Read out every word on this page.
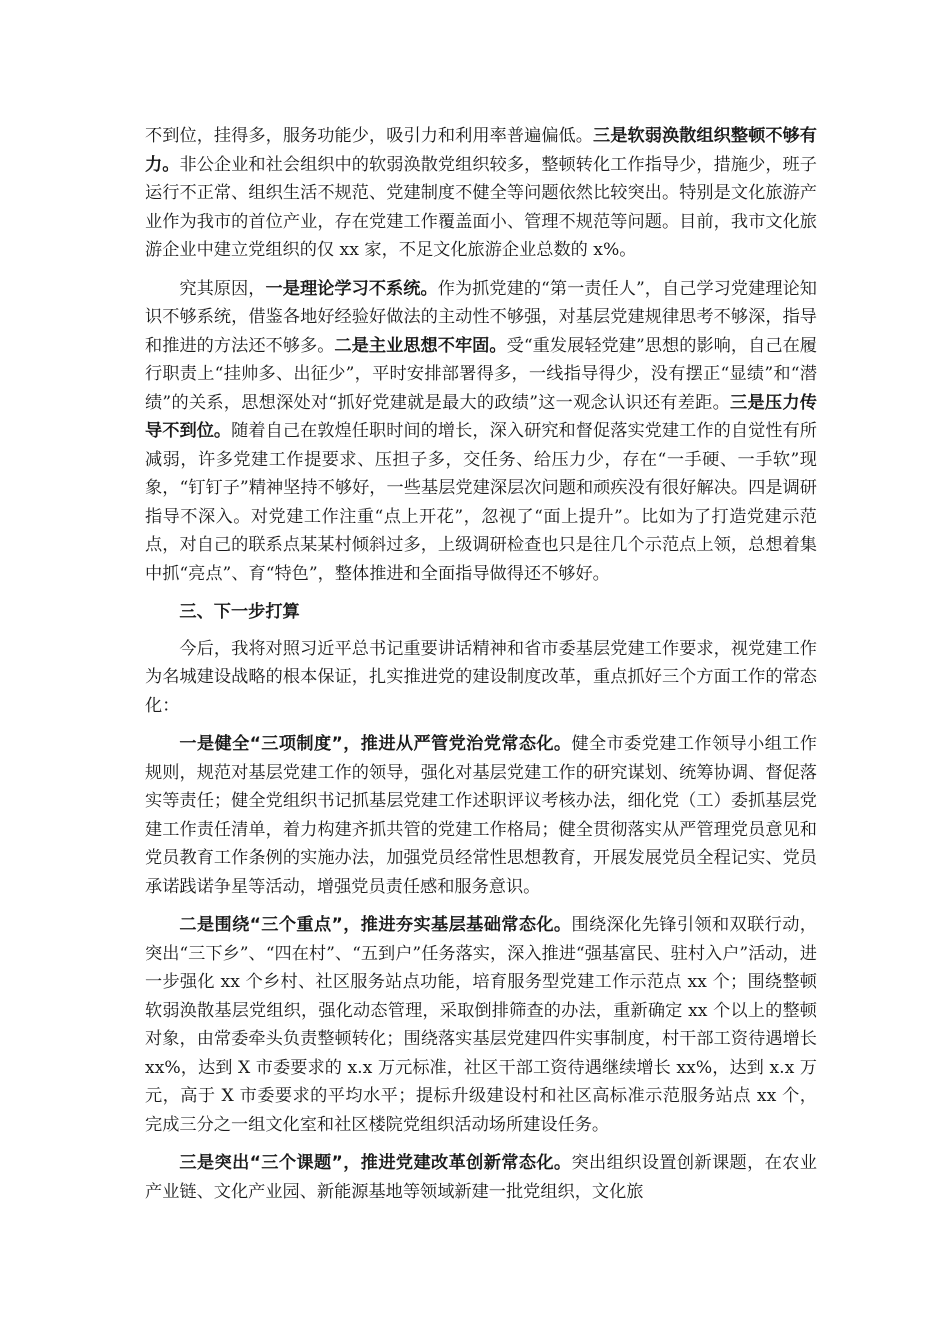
不到位，挂得多，服务功能少，吸引力和利用率普遍偏低。三是软弱涣散组织整顿不够有力。非公企业和社会组织中的软弱涣散党组织较多，整顿转化工作指导少，措施少，班子运行不正常、组织生活不规范、党建制度不健全等问题依然比较突出。特别是文化旅游产业作为我市的首位产业，存在党建工作覆盖面小、管理不规范等问题。目前，我市文化旅游企业中建立党组织的仅 xx 家，不足文化旅游企业总数的 x%。

究其原因，一是理论学习不系统。作为抓党建的“第一责任人”，自己学习党建理论知识不够系统，借鉴各地好经验好做法的主动性不够强，对基层党建规律思考不够深，指导和推进的方法还不够多。二是主业思想不牢固。受“重发展轻党建”思想的影响，自己在履行职责上“挂帅多、出征少”，平时安排部署得多，一线指导得少，没有摆正“显绩”和“潜绩”的关系，思想深处对“抓好党建就是最大的政绩”这一观念认识还有差距。三是压力传导不到位。随着自己在敦煌任职时间的增长，深入研究和督促落实党建工作的自觉性有所减弱，许多党建工作提要求、压担子多，交任务、给压力少，存在“一手硬、一手软”现象，“钉钉子”精神坚持不够好，一些基层党建深层次问题和顽疾没有很好解决。四是调研指导不深入。对党建工作注重“点上开花”，忽视了“面上提升”。比如为了打造党建示范点，对自己的联系点某某村倾斜过多，上级调研检查也只是往几个示范点上领，总想着集中抓“亮点”、育“特色”，整体推进和全面指导做得还不够好。

三、下一步打算

今后，我将对照习近平总书记重要讲话精神和省市委基层党建工作要求，视党建工作为名城建设战略的根本保证，扎实推进党的建设制度改革，重点抓好三个方面工作的常态化：

一是健全“三项制度”，推进从严管党治党常态化。健全市委党建工作领导小组工作规则，规范对基层党建工作的领导，强化对基层党建工作的研究谋划、统筹协调、督促落实等责任；健全党组织书记抓基层党建工作述职评议考核办法，细化党（工）委抓基层党建工作责任清单，着力构建齐抓共管的党建工作格局；健全贯彻落实从严管理党员意见和党员教育工作条例的实施办法，加强党员经常性思想教育，开展发展党员全程记实、党员承诺践诺争星等活动，增强党员责任感和服务意识。

二是围绕“三个重点”，推进夯实基层基础常态化。围绕深化先锋引领和双联行动，突出“三下乡”、“四在村”、“五到户”任务落实，深入推进“强基富民、驻村入户”活动，进一步强化 xx 个乡村、社区服务站点功能，培育服务型党建工作示范点 xx 个；围绕整顿软弱涣散基层党组织，强化动态管理，采取倒排筛查的办法，重新确定 xx 个以上的整顿对象，由常委牵头负责整顿转化；围绕落实基层党建四件实事制度，村干部工资待遇增长 xx%，达到 X 市委要求的 x.x 万元标准，社区干部工资待遇继续增长 xx%，达到 x.x 万元，高于 X 市委要求的平均水平；提标升级建设村和社区高标准示范服务站点 xx 个，完成三分之一组文化室和社区楼院党组织活动场所建设任务。

三是突出“三个课题”，推进党建改革创新常态化。突出组织设置创新课题，在农业产业链、文化产业园、新能源基地等领域新建一批党组织，文化旅
